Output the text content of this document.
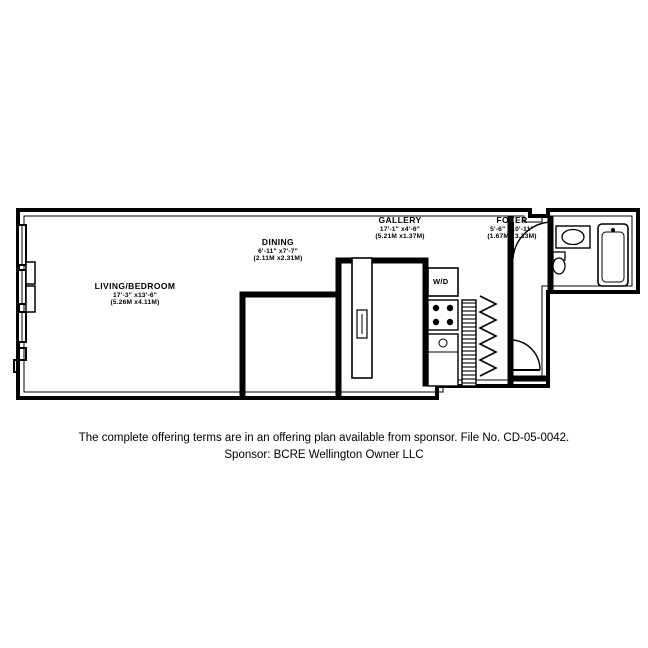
LIVING/BEDROOM
17'-3" x13'-6"
(5.26M x4.11M)
DINING
6'-11" x7'-7"
(2.11M x2.31M)
GALLERY
17'-1" x4'-6"
(5.21M x1.37M)
FOYER
5'-6" x10'-11"
(1.67M x3.33M)
W/D
The complete offering terms are in an offering plan available from sponsor. File No. CD-05-0042.
Sponsor: BCRE Wellington Owner LLC
